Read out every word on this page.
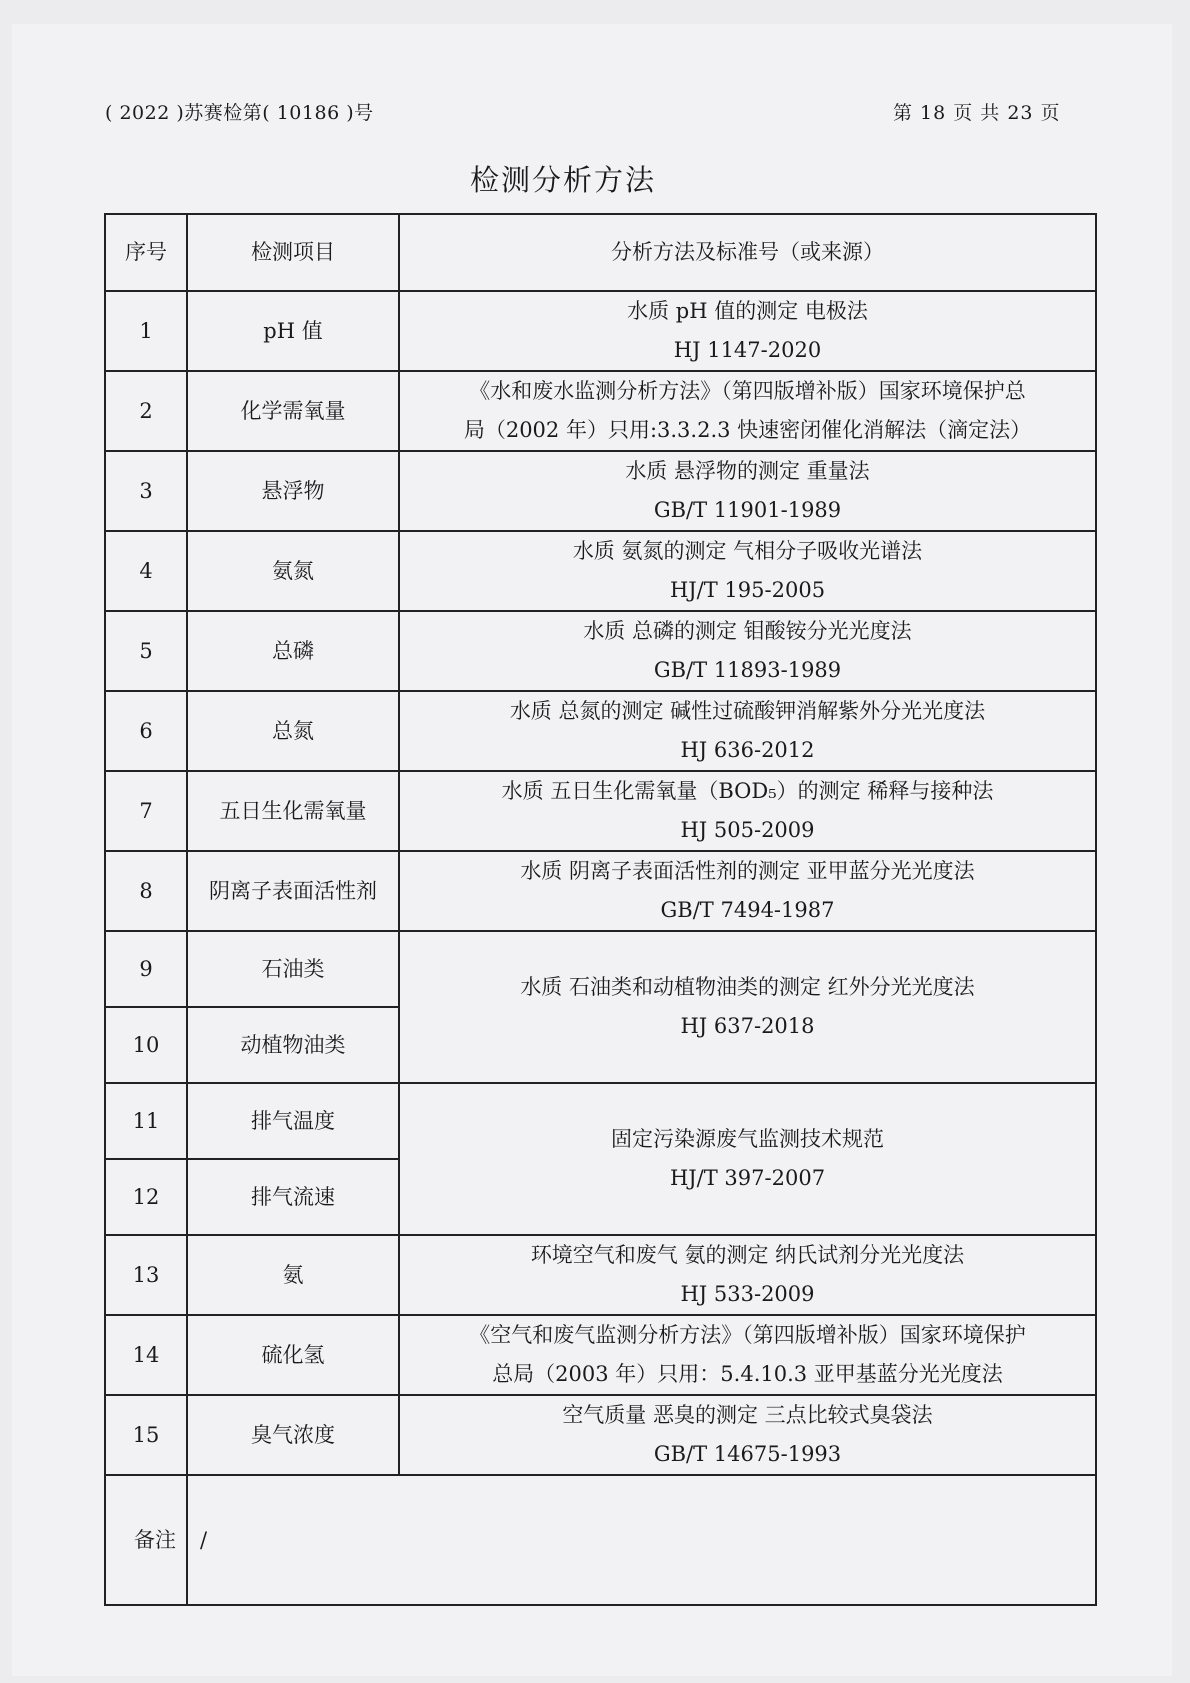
( 2022 )苏赛检第( 10186 )号	第 18 页 共 23 页
检测分析方法
序号	检测项目	分析方法及标准号（或来源）
1	pH 值	水质 pH 值的测定 电极法
HJ 1147-2020

2	化学需氧量	《水和废水监测分析方法》（第四版增补版）国家环境保护总
局（2002 年）只用:3.3.2.3 快速密闭催化消解法（滴定法）

3	悬浮物	水质 悬浮物的测定 重量法
GB/T 11901-1989

4	氨氮	水质 氨氮的测定 气相分子吸收光谱法
HJ/T 195-2005

5	总磷	水质 总磷的测定 钼酸铵分光光度法
GB/T 11893-1989

6	总氮	水质 总氮的测定 碱性过硫酸钾消解紫外分光光度法
HJ 636-2012

7	五日生化需氧量	水质 五日生化需氧量（BOD₅）的测定 稀释与接种法
HJ 505-2009

8	阴离子表面活性剂	水质 阴离子表面活性剂的测定 亚甲蓝分光光度法
GB/T 7494-1987

9	石油类	水质 石油类和动植物油类的测定 红外分光光度法
HJ 637-2018

10	动植物油类	
11	排气温度	固定污染源废气监测技术规范
HJ/T 397-2007

12	排气流速	
13	氨	环境空气和废气 氨的测定 纳氏试剂分光光度法
HJ 533-2009

14	硫化氢	《空气和废气监测分析方法》（第四版增补版）国家环境保护
总局（2003 年）只用：5.4.10.3 亚甲基蓝分光光度法

15	臭气浓度	空气质量 恶臭的测定 三点比较式臭袋法
GB/T 14675-1993

备注	/	
